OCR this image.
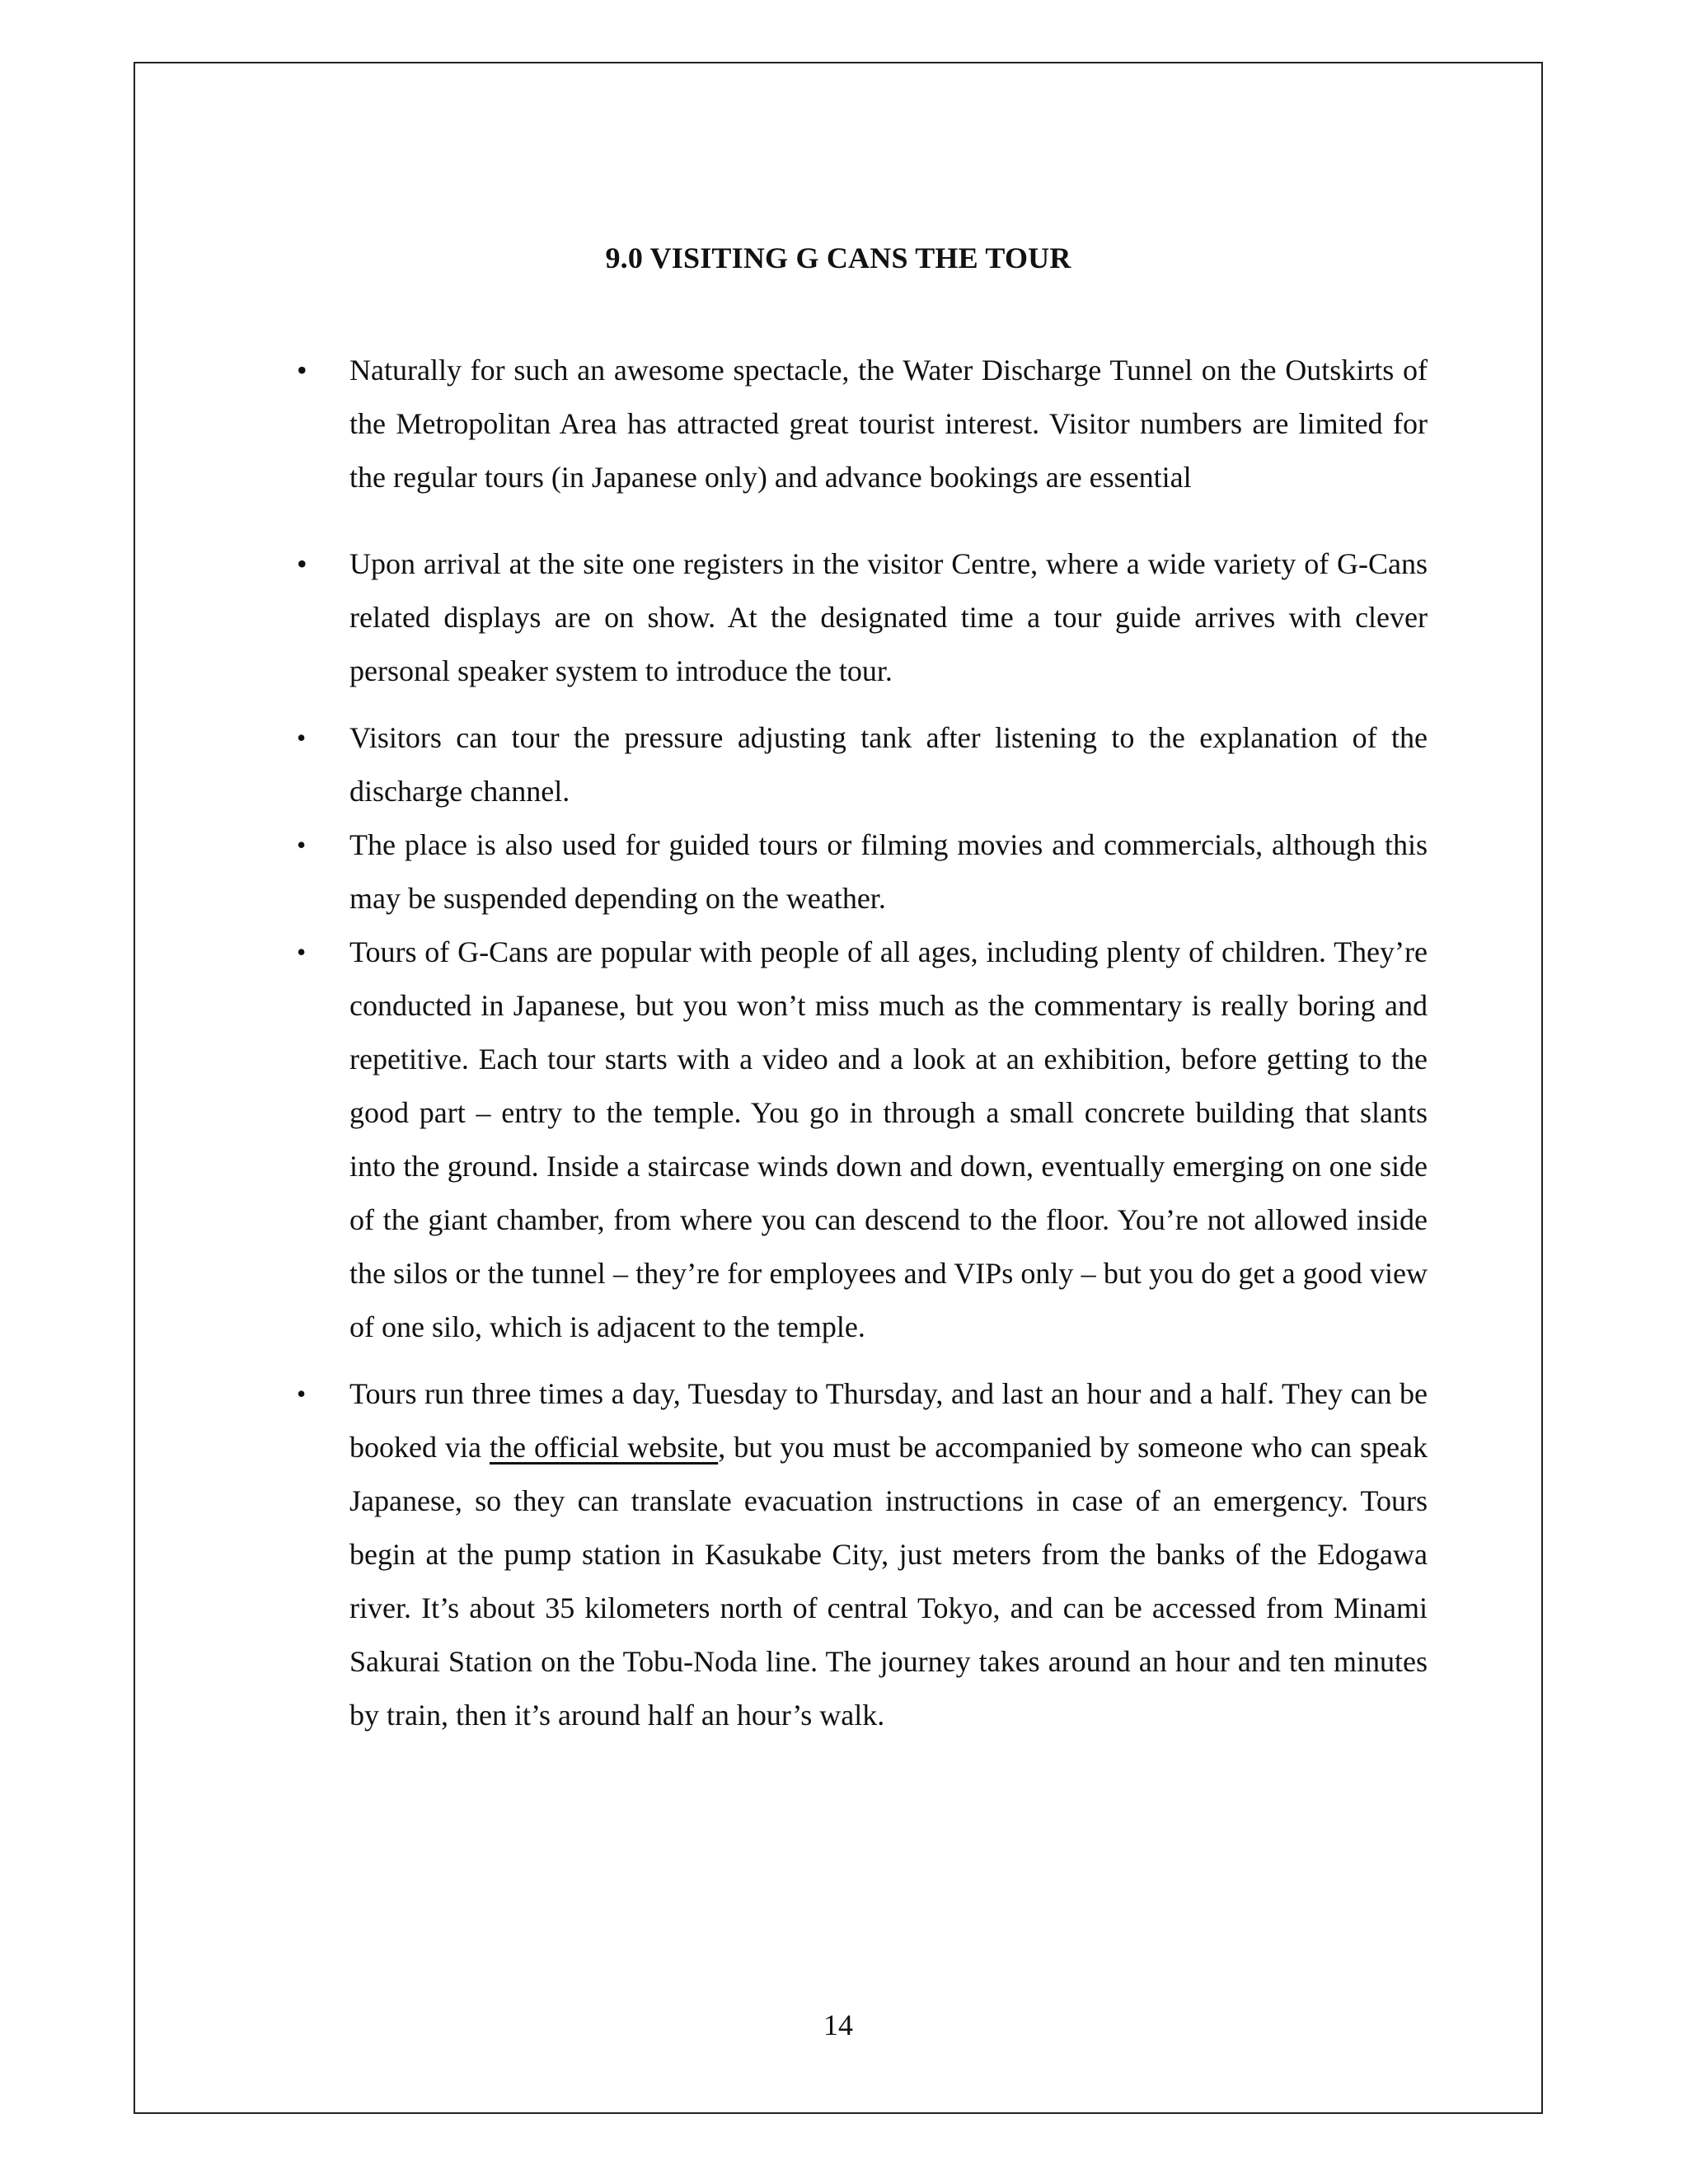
9.0 VISITING G CANS THE TOUR
•	Naturally for such an awesome spectacle, the Water Discharge Tunnel on the Outskirts of the Metropolitan Area has attracted great tourist interest. Visitor numbers are limited for the regular tours (in Japanese only) and advance bookings are essential
•	Upon arrival at the site one registers in the visitor Centre, where a wide variety of G-Cans related displays are on show. At the designated time a tour guide arrives with clever personal speaker system to introduce the tour.
•	Visitors can tour the pressure adjusting tank after listening to the explanation of the discharge channel.
•	The place is also used for guided tours or filming movies and commercials, although this may be suspended depending on the weather.
•	Tours of G-Cans are popular with people of all ages, including plenty of children. They’re conducted in Japanese, but you won’t miss much as the commentary is really boring and repetitive. Each tour starts with a video and a look at an exhibition, before getting to the good part – entry to the temple. You go in through a small concrete building that slants into the ground. Inside a staircase winds down and down, eventually emerging on one side of the giant chamber, from where you can descend to the floor. You’re not allowed inside the silos or the tunnel – they’re for employees and VIPs only – but you do get a good view of one silo, which is adjacent to the temple.
•	Tours run three times a day, Tuesday to Thursday, and last an hour and a half. They can be booked via the official website, but you must be accompanied by someone who can speak Japanese, so they can translate evacuation instructions in case of an emergency. Tours begin at the pump station in Kasukabe City, just meters from the banks of the Edogawa river. It’s about 35 kilometers north of central Tokyo, and can be accessed from Minami Sakurai Station on the Tobu-Noda line. The journey takes around an hour and ten minutes by train, then it’s around half an hour’s walk.
14
